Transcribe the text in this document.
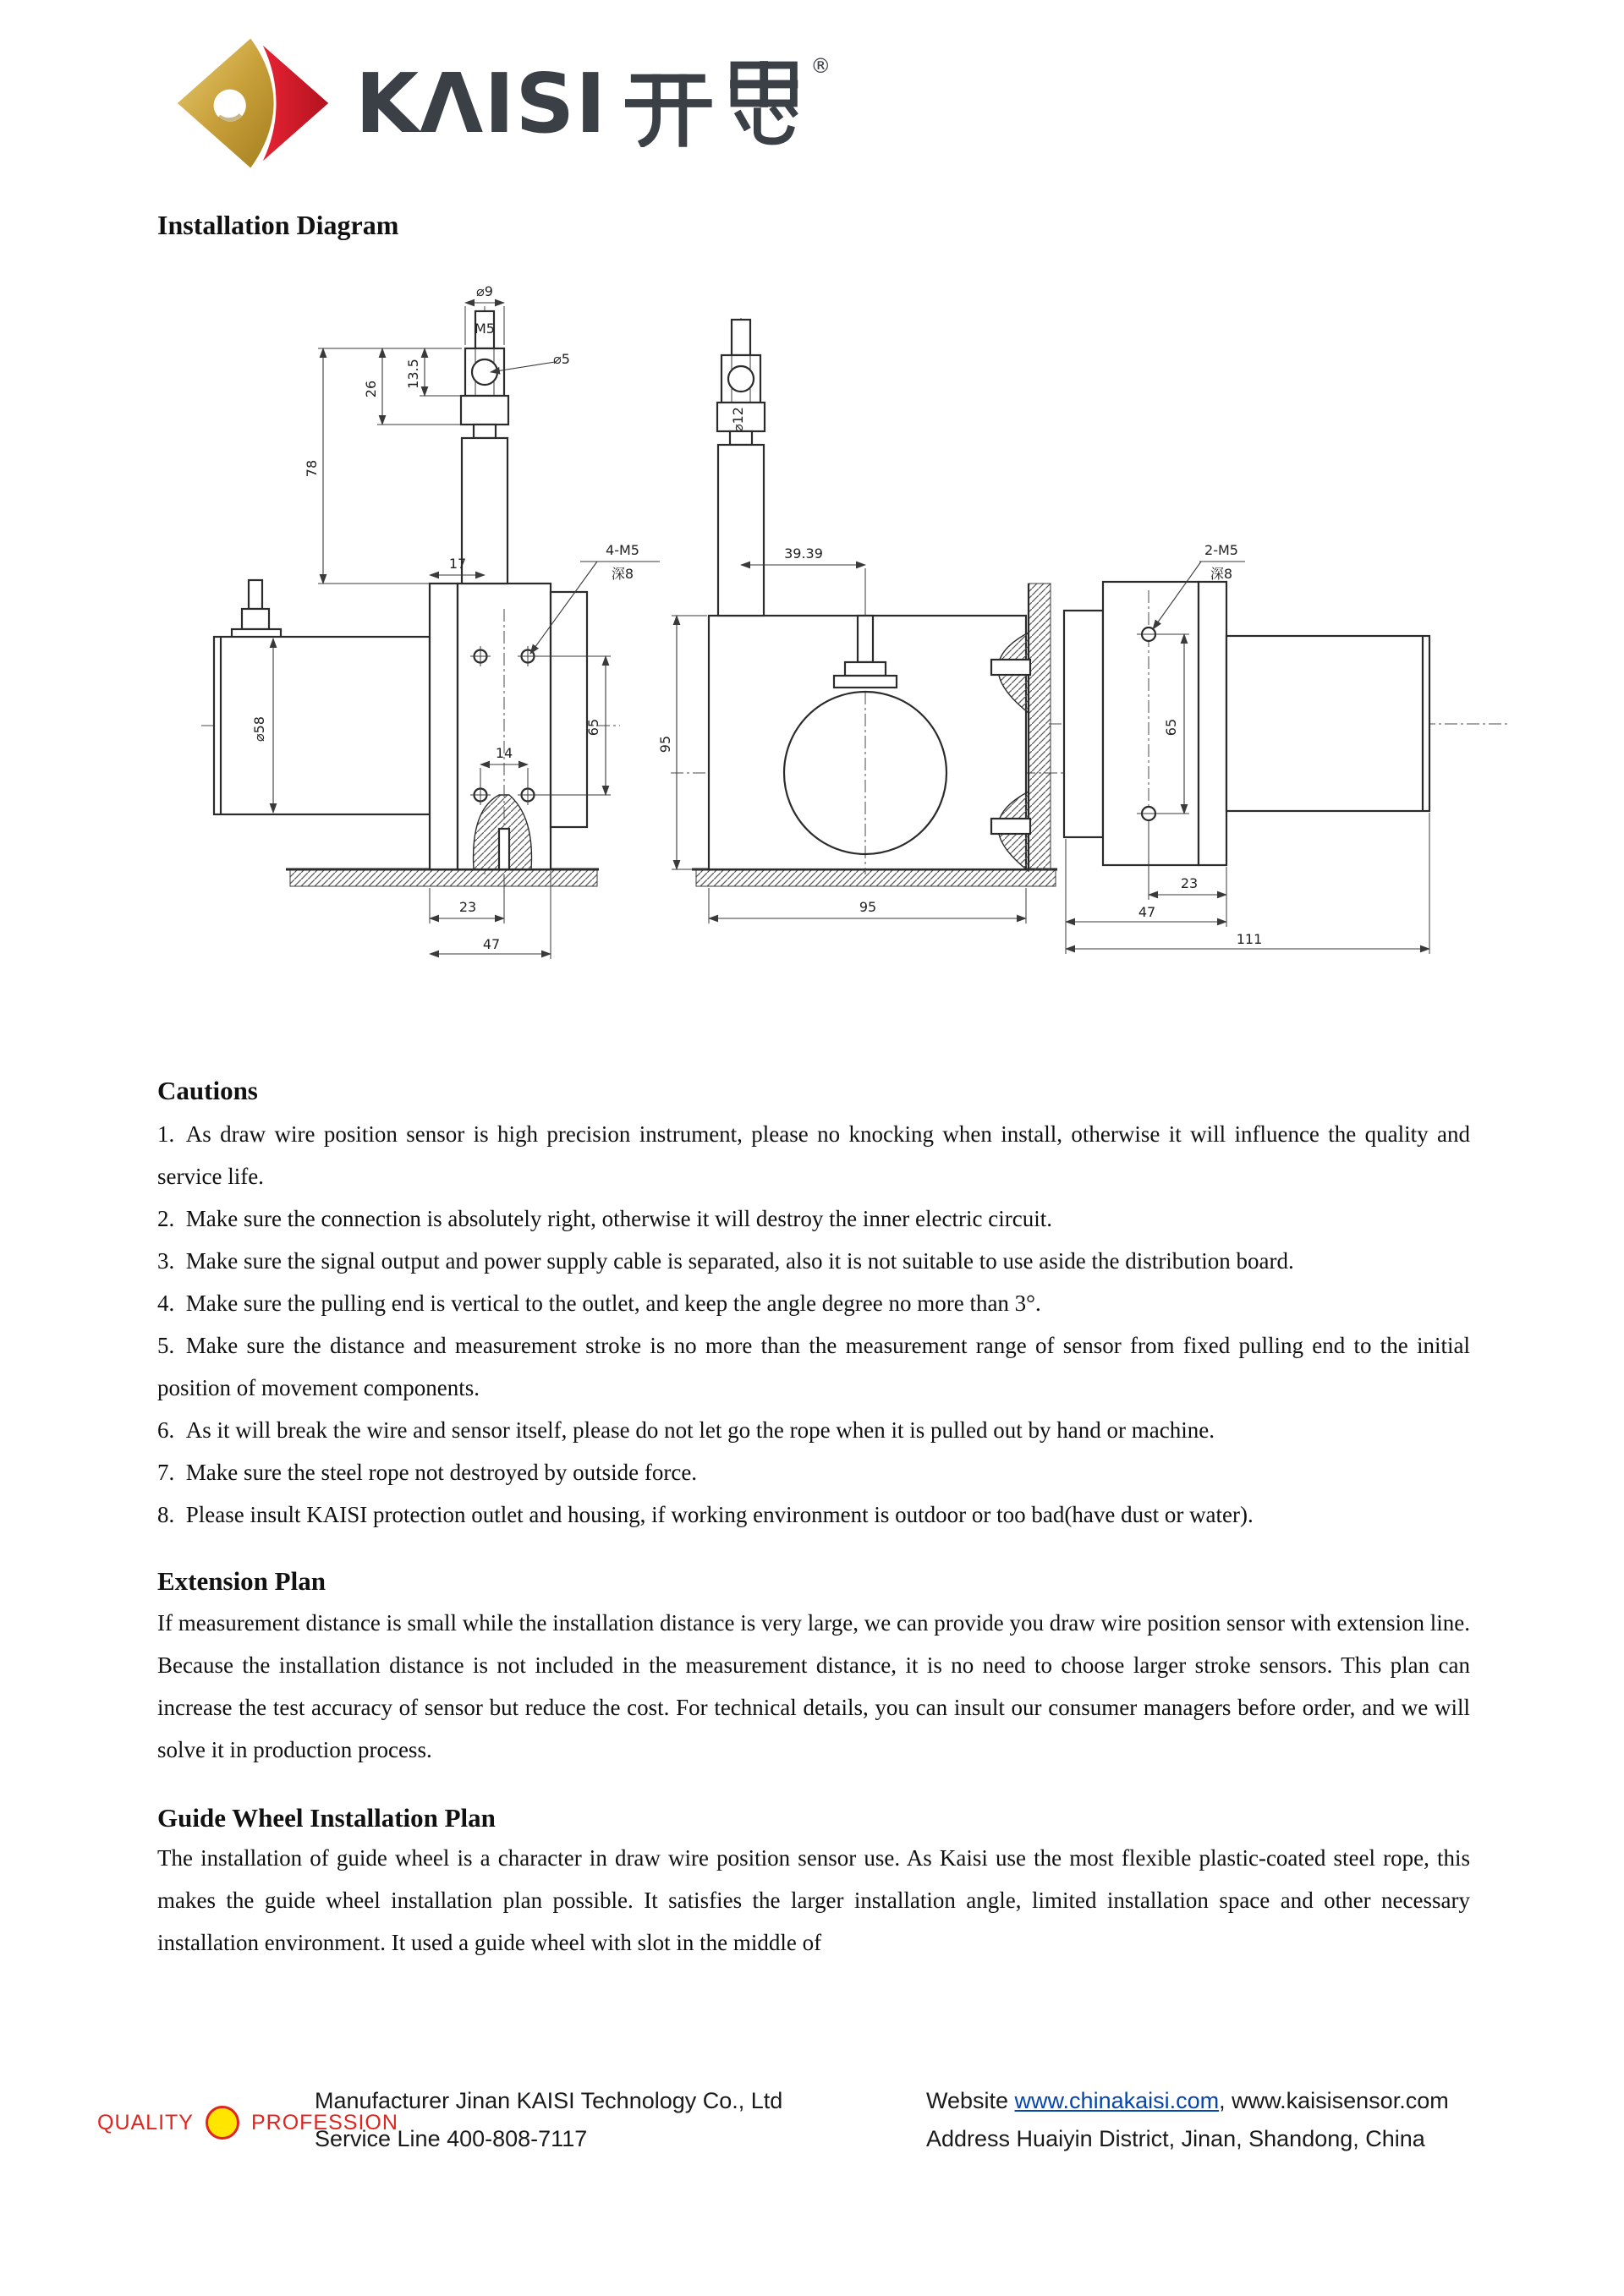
KΛISI	®
Installation Diagram
⌀9
M5
13.5
26
78
⌀5
4-M5
深8
17
⌀58
14
65
23
47
⌀12
39.39
95
95
2-M5
深8
65
23
47
111
Cautions

1. As draw wire position sensor is high precision instrument, please no knocking when install, otherwise it will influence the quality and service life.

2. Make sure the connection is absolutely right, otherwise it will destroy the inner electric circuit.

3. Make sure the signal output and power supply cable is separated, also it is not suitable to use aside the distribution board.

4. Make sure the pulling end is vertical to the outlet, and keep the angle degree no more than 3°.

5. Make sure the distance and measurement stroke is no more than the measurement range of sensor from fixed pulling end to the initial position of movement components.

6. As it will break the wire and sensor itself, please do not let go the rope when it is pulled out by hand or machine.

7. Make sure the steel rope not destroyed by outside force.

8. Please insult KAISI protection outlet and housing, if working environment is outdoor or too bad(have dust or water).

Extension Plan

If measurement distance is small while the installation distance is very large, we can provide you draw wire position sensor with extension line. Because the installation distance is not included in the measurement distance, it is no need to choose larger stroke sensors. This plan can increase the test accuracy of sensor but reduce the cost. For technical details, you can insult our consumer managers before order, and we will solve it in production process.

Guide Wheel Installation Plan

The installation of guide wheel is a character in draw wire position sensor use. As Kaisi use the most flexible plastic-coated steel rope, this makes the guide wheel installation plan possible. It satisfies the larger installation angle, limited installation space and other necessary installation environment. It used a guide wheel with slot in the middle of

QUALITY	PROFESSION
Manufacturer Jinan KAISI Technology Co., Ltd
Service Line 400-808-7117
Website www.chinakaisi.com, www.kaisisensor.com
Address Huaiyin District, Jinan, Shandong, China
